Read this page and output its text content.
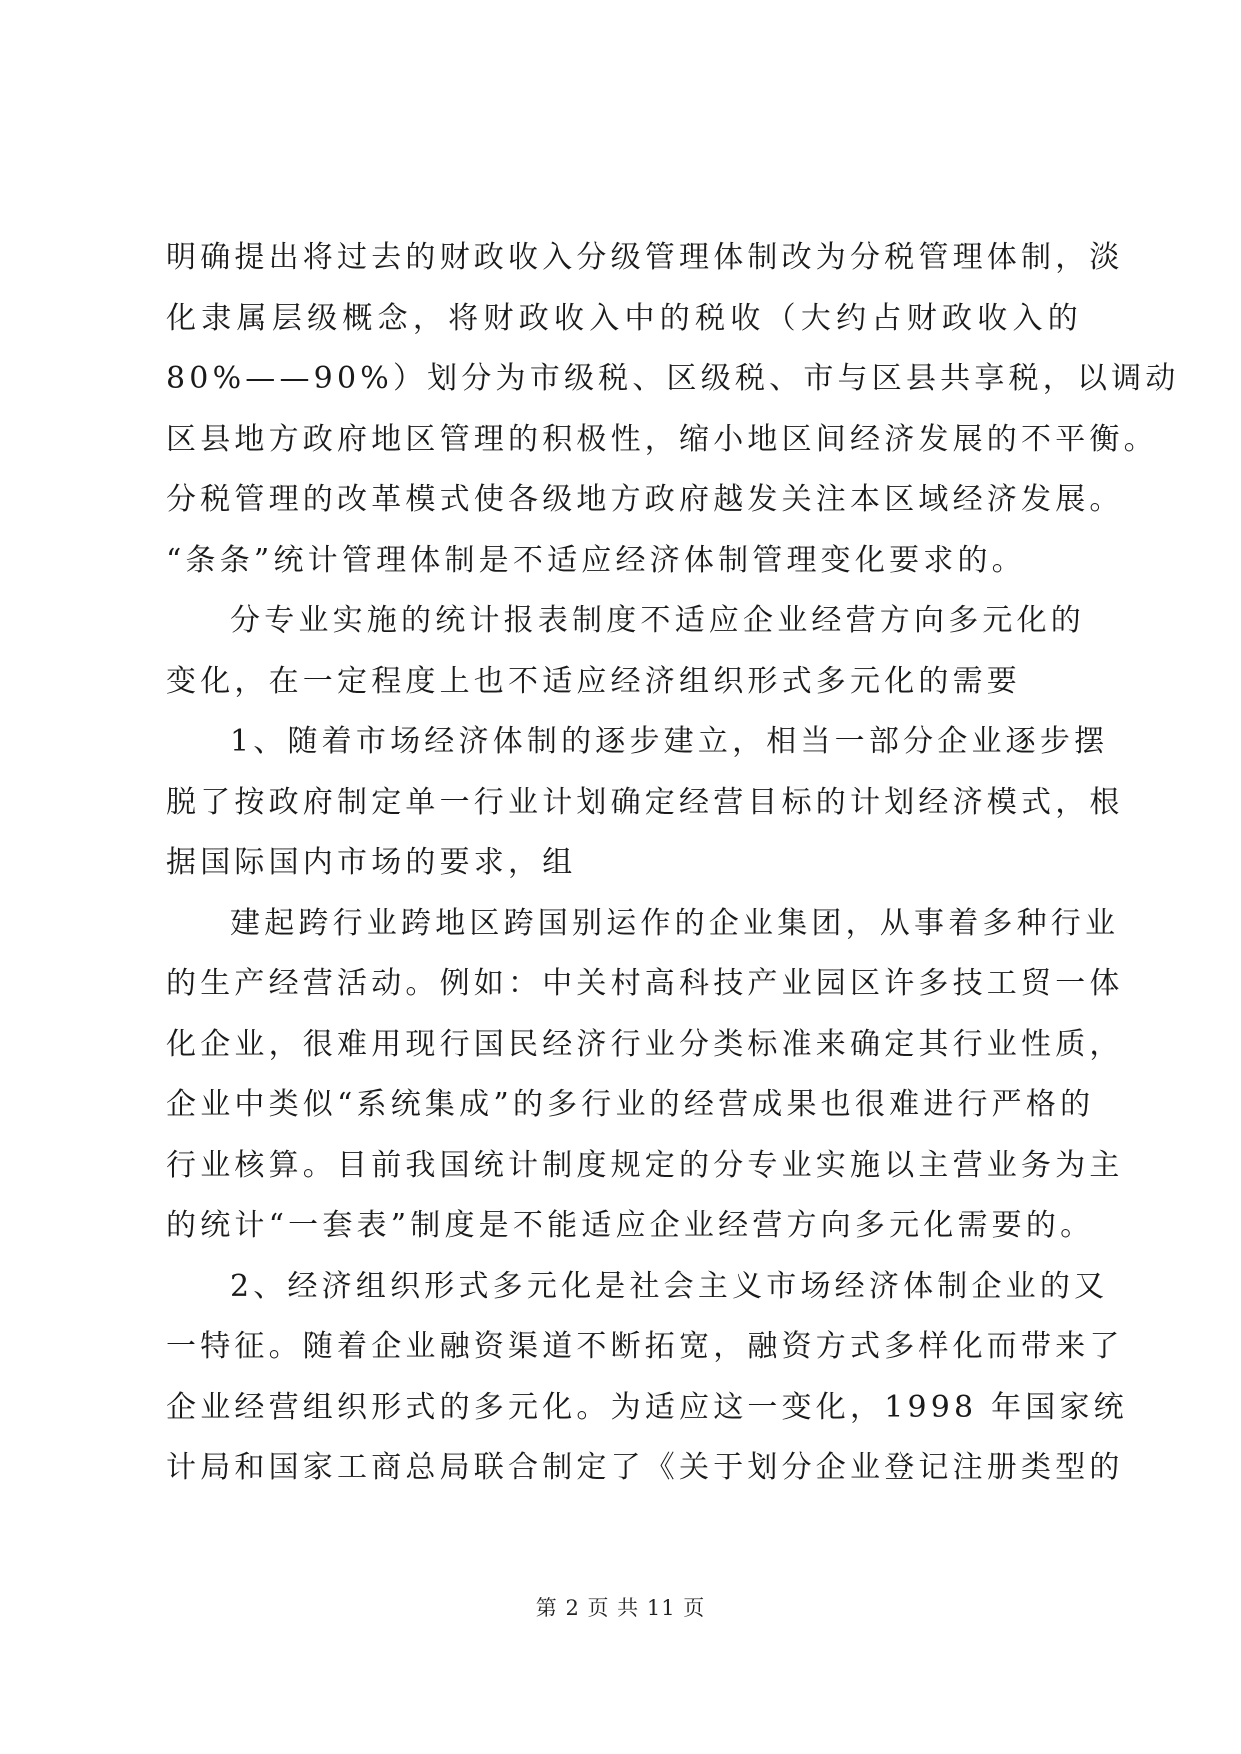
明确提出将过去的财政收入分级管理体制改为分税管理体制，淡
化隶属层级概念，将财政收入中的税收（大约占财政收入的
80%——90%）划分为市级税、区级税、市与区县共享税，以调动
区县地方政府地区管理的积极性，缩小地区间经济发展的不平衡。
分税管理的改革模式使各级地方政府越发关注本区域经济发展。
“条条”统计管理体制是不适应经济体制管理变化要求的。
分专业实施的统计报表制度不适应企业经营方向多元化的
变化，在一定程度上也不适应经济组织形式多元化的需要
1、随着市场经济体制的逐步建立，相当一部分企业逐步摆
脱了按政府制定单一行业计划确定经营目标的计划经济模式，根
据国际国内市场的要求，组
建起跨行业跨地区跨国别运作的企业集团，从事着多种行业
的生产经营活动。例如：中关村高科技产业园区许多技工贸一体
化企业，很难用现行国民经济行业分类标准来确定其行业性质，
企业中类似“系统集成”的多行业的经营成果也很难进行严格的
行业核算。目前我国统计制度规定的分专业实施以主营业务为主
的统计“一套表”制度是不能适应企业经营方向多元化需要的。
2、经济组织形式多元化是社会主义市场经济体制企业的又
一特征。随着企业融资渠道不断拓宽，融资方式多样化而带来了
企业经营组织形式的多元化。为适应这一变化，1998 年国家统
计局和国家工商总局联合制定了《关于划分企业登记注册类型的
第 2 页 共 11 页
